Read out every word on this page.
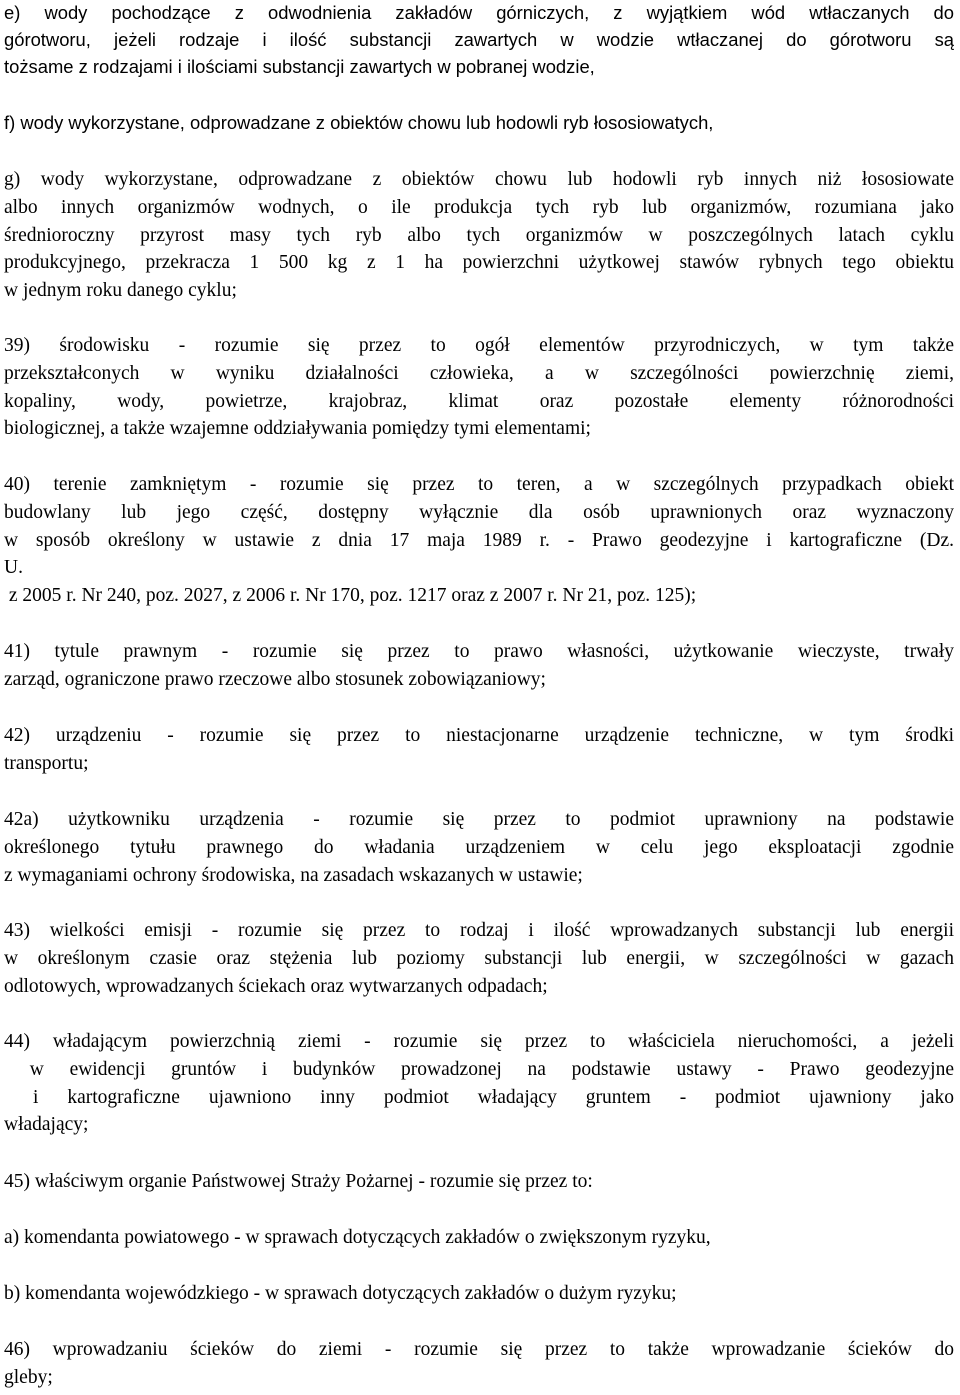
e) wody pochodzące z odwodnienia zakładów górniczych, z wyjątkiem wód wtłaczanych do
górotworu, jeżeli rodzaje i ilość substancji zawartych w wodzie wtłaczanej do górotworu są
tożsame z rodzajami i ilościami substancji zawartych w pobranej wodzie,
f) wody wykorzystane, odprowadzane z obiektów chowu lub hodowli ryb łososiowatych,
g) wody wykorzystane, odprowadzane z obiektów chowu lub hodowli ryb innych niż łososiowate
albo innych organizmów wodnych, o ile produkcja tych ryb lub organizmów, rozumiana jako
średnioroczny przyrost masy tych ryb albo tych organizmów w poszczególnych latach cyklu
produkcyjnego, przekracza 1 500 kg z 1 ha powierzchni użytkowej stawów rybnych tego obiektu
w jednym roku danego cyklu;
39) środowisku - rozumie się przez to ogół elementów przyrodniczych, w tym także
przekształconych w wyniku działalności człowieka, a w szczególności powierzchnię ziemi,
kopaliny, wody, powietrze, krajobraz, klimat oraz pozostałe elementy różnorodności
biologicznej, a także wzajemne oddziaływania pomiędzy tymi elementami;
40) terenie zamkniętym - rozumie się przez to teren, a w szczególnych przypadkach obiekt
budowlany lub jego część, dostępny wyłącznie dla osób uprawnionych oraz wyznaczony
w sposób określony w ustawie z dnia 17 maja 1989 r. - Prawo geodezyjne i kartograficzne (Dz.
U.
z 2005 r. Nr 240, poz. 2027, z 2006 r. Nr 170, poz. 1217 oraz z 2007 r. Nr 21, poz. 125);
41) tytule prawnym - rozumie się przez to prawo własności, użytkowanie wieczyste, trwały
zarząd, ograniczone prawo rzeczowe albo stosunek zobowiązaniowy;
42) urządzeniu - rozumie się przez to niestacjonarne urządzenie techniczne, w tym środki
transportu;
42a) użytkowniku urządzenia - rozumie się przez to podmiot uprawniony na podstawie
określonego tytułu prawnego do władania urządzeniem w celu jego eksploatacji zgodnie
z wymaganiami ochrony środowiska, na zasadach wskazanych w ustawie;
43) wielkości emisji - rozumie się przez to rodzaj i ilość wprowadzanych substancji lub energii
w określonym czasie oraz stężenia lub poziomy substancji lub energii, w szczególności w gazach
odlotowych, wprowadzanych ściekach oraz wytwarzanych odpadach;
44) władającym powierzchnią ziemi - rozumie się przez to właściciela nieruchomości, a jeżeli
w ewidencji gruntów i budynków prowadzonej na podstawie ustawy - Prawo geodezyjne
i kartograficzne ujawniono inny podmiot władający gruntem - podmiot ujawniony jako
władający;
45) właściwym organie Państwowej Straży Pożarnej - rozumie się przez to:
a) komendanta powiatowego - w sprawach dotyczących zakładów o zwiększonym ryzyku,
b) komendanta wojewódzkiego - w sprawach dotyczących zakładów o dużym ryzyku;
46) wprowadzaniu ścieków do ziemi - rozumie się przez to także wprowadzanie ścieków do
gleby;
